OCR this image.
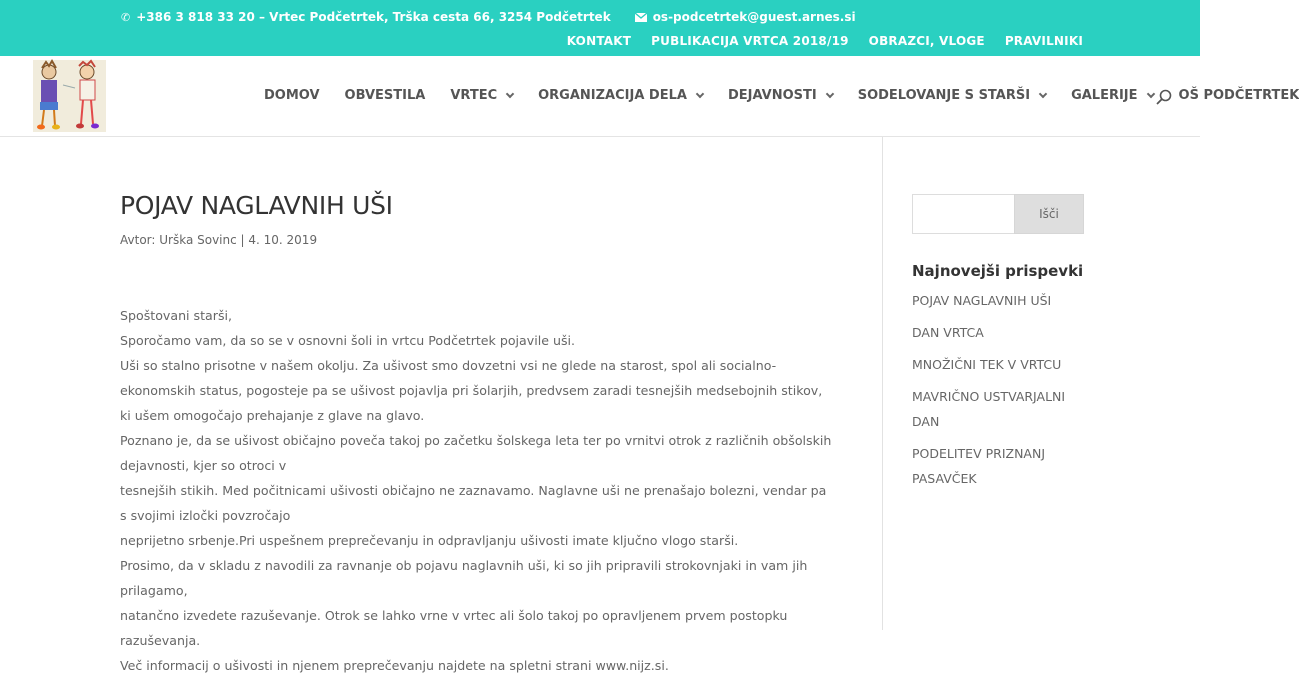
✆ +386 3 818 33 20 – Vrtec Podčetrtek, Trška cesta 66, 3254 Podčetrtek	os-podcetrtek@guest.arnes.si
KONTAKT PUBLIKACIJA VRTCA 2018/19 OBRAZCI, VLOGE PRAVILNIKI
DOMOV OBVESTILA VRTEC	ORGANIZACIJA DELA	DEJAVNOSTI	SODELOVANJE S STARŠI	GALERIJE	OŠ PODČETRTEK
POJAV NAGLAVNIH UŠI
Avtor: Urška Sovinc | 4. 10. 2019

Spoštovani starši,

Sporočamo vam, da so se v osnovni šoli in vrtcu Podčetrtek pojavile uši.

Uši so stalno prisotne v našem okolju. Za ušivost smo dovzetni vsi ne glede na starost, spol ali socialno-ekonomskih status, pogosteje pa se ušivost pojavlja pri šolarjih, predvsem zaradi tesnejših medsebojnih stikov, ki ušem omogočajo prehajanje z glave na glavo.

Poznano je, da se ušivost običajno poveča takoj po začetku šolskega leta ter po vrnitvi otrok z različnih obšolskih dejavnosti, kjer so otroci v

tesnejših stikih. Med počitnicami ušivosti običajno ne zaznavamo. Naglavne uši ne prenašajo bolezni, vendar pa s svojimi izločki povzročajo

neprijetno srbenje.Pri uspešnem preprečevanju in odpravljanju ušivosti imate ključno vlogo starši.

Prosimo, da v skladu z navodili za ravnanje ob pojavu naglavnih uši, ki so jih pripravili strokovnjaki in vam jih prilagamo,

natančno izvedete razuševanje. Otrok se lahko vrne v vrtec ali šolo takoj po opravljenem prvem postopku razuševanja.

Več informacij o ušivosti in njenem preprečevanju najdete na spletni strani www.nijz.si.

Išči
Najnovejši prispevki
POJAV NAGLAVNIH UŠI
DAN VRTCA
MNOŽIČNI TEK V VRTCU
MAVRIČNO USTVARJALNI DAN
PODELITEV PRIZNANJ PASAVČEK
